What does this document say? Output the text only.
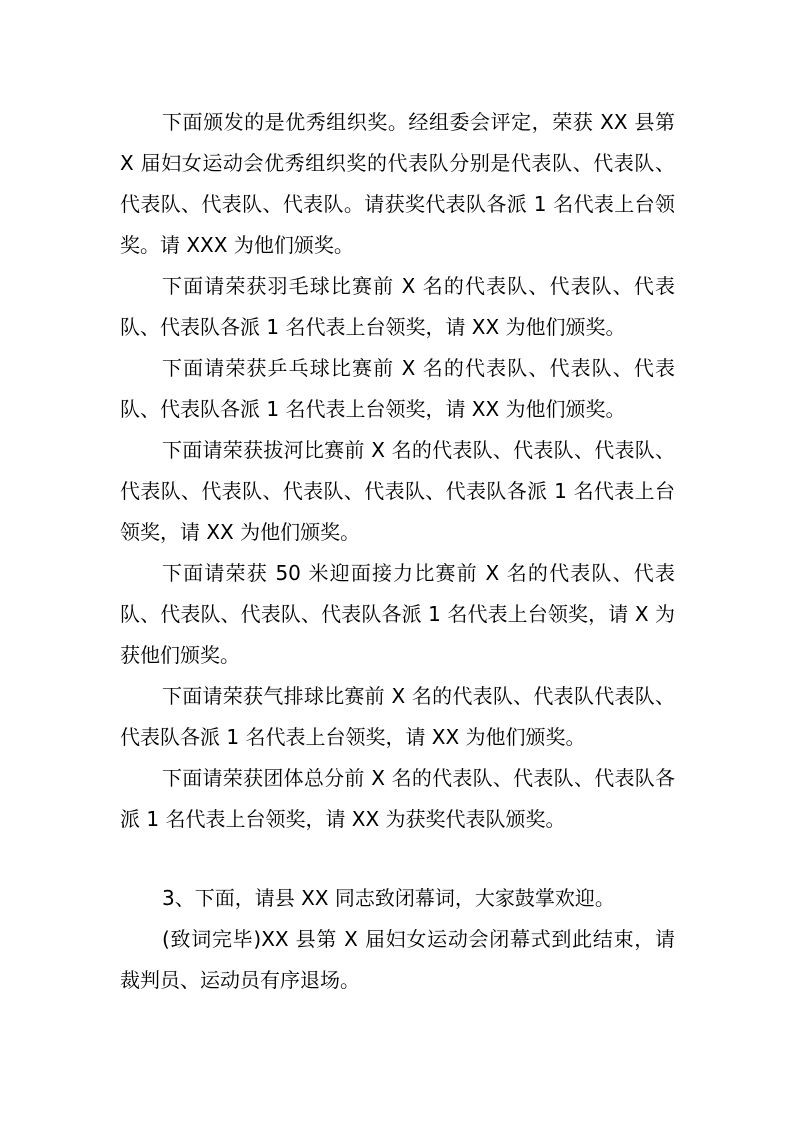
下面颁发的是优秀组织奖。经组委会评定，荣获 XX 县第 X 届妇女运动会优秀组织奖的代表队分别是代表队、代表队、代表队、代表队、代表队。请获奖代表队各派 1 名代表上台领奖。请 XXX 为他们颁奖。

下面请荣获羽毛球比赛前 X 名的代表队、代表队、代表队、代表队各派 1 名代表上台领奖，请 XX 为他们颁奖。

下面请荣获乒乓球比赛前 X 名的代表队、代表队、代表队、代表队各派 1 名代表上台领奖，请 XX 为他们颁奖。

下面请荣获拔河比赛前 X 名的代表队、代表队、代表队、代表队、代表队、代表队、代表队、代表队各派 1 名代表上台领奖，请 XX 为他们颁奖。

下面请荣获 50 米迎面接力比赛前 X 名的代表队、代表队、代表队、代表队、代表队各派 1 名代表上台领奖，请 X 为获他们颁奖。

下面请荣获气排球比赛前 X 名的代表队、代表队代表队、代表队各派 1 名代表上台领奖，请 XX 为他们颁奖。

下面请荣获团体总分前 X 名的代表队、代表队、代表队各派 1 名代表上台领奖，请 XX 为获奖代表队颁奖。

3、下面，请县 XX 同志致闭幕词，大家鼓掌欢迎。

(致词完毕)XX 县第 X 届妇女运动会闭幕式到此结束，请裁判员、运动员有序退场。
